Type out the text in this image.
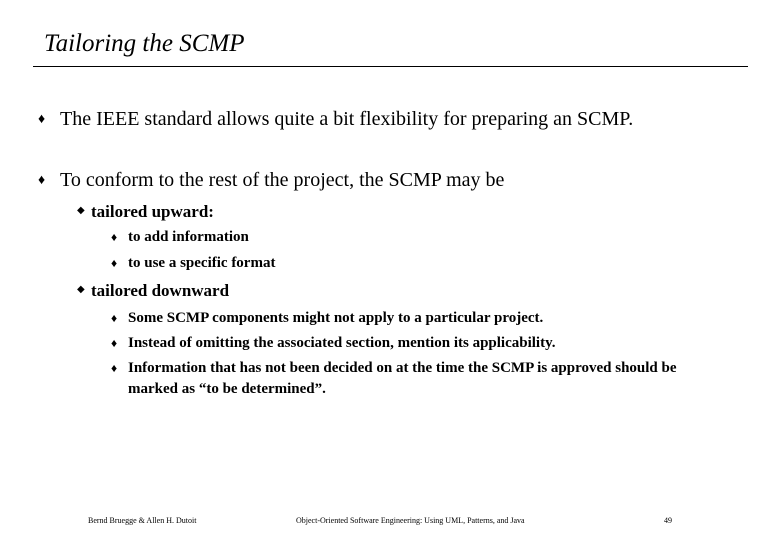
Tailoring the SCMP
♦ The IEEE standard allows quite a bit flexibility for preparing an SCMP.
♦ To conform to the rest of the project, the SCMP may be
◆ tailored upward:
♦ to add information
♦ to use a specific format
◆ tailored downward
♦ Some SCMP components might not apply to a particular project.
♦ Instead of omitting the associated section, mention its applicability.
♦ Information that has not been decided on at the time the SCMP is approved should be marked as “to be determined”.
Bernd Bruegge & Allen H. Dutoit	Object-Oriented Software Engineering: Using UML, Patterns, and Java	49
